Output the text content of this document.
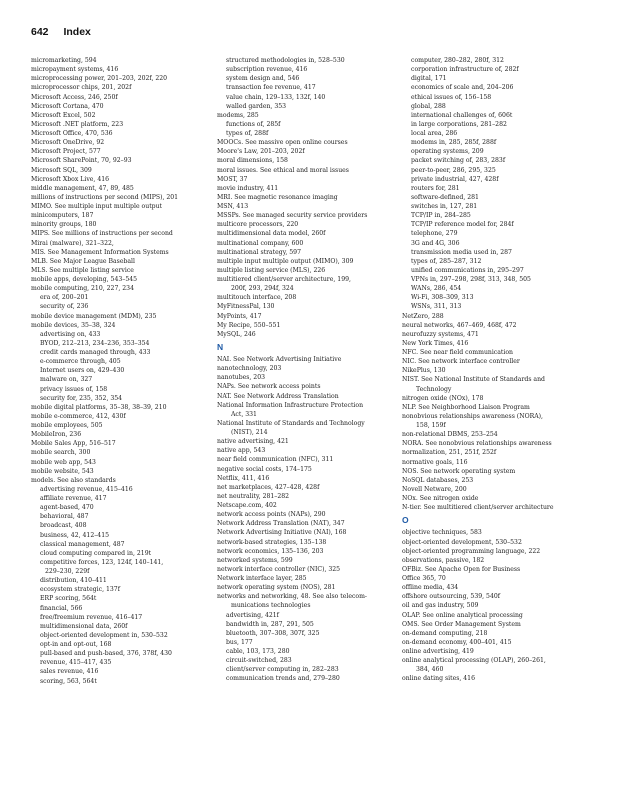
642 Index
micromarketing, 594
micropayment systems, 416
microprocessing power, 201–203, 202f, 220
microprocessor chips, 201, 202f
Microsoft Access, 246, 250f
Microsoft Cortana, 470
Microsoft Excel, 502
Microsoft .NET platform, 223
Microsoft Office, 470, 536
Microsoft OneDrive, 92
Microsoft Project, 577
Microsoft SharePoint, 70, 92–93
Microsoft SQL, 309
Microsoft Xbox Live, 416
middle management, 47, 89, 485
millions of instructions per second (MIPS), 201
MIMO. See multiple input multiple output
minicomputers, 187
minority groups, 180
MIPS. See millions of instructions per second
Mirai (malware), 321–322,
MIS. See Management Information Systems
MLB. See Major League Baseball
MLS. See multiple listing service
mobile apps, developing, 543–545
mobile computing, 210, 227, 234
era of, 200–201
security of, 236
mobile device management (MDM), 235
mobile devices, 35–38, 324
advertising on, 433
BYOD, 212–213, 234–236, 353–354
credit cards managed through, 433
e-commerce through, 405
Internet users on, 429–430
malware on, 327
privacy issues of, 158
security for, 235, 352, 354
mobile digital platforms, 35–38, 38–39, 210
mobile e-commerce, 412, 430f
mobile employees, 505
MobileIron, 236
Mobile Sales App, 516–517
mobile search, 300
mobile web app, 543
mobile website, 543
models. See also standards
advertising revenue, 415–416
affiliate revenue, 417
agent-based, 470
behavioral, 487
broadcast, 408
business, 42, 412–415
classical management, 487
cloud computing compared in, 219t
competitive forces, 123, 124f, 140–141,
229–230, 229f
distribution, 410–411
ecosystem strategic, 137f
ERP scoring, 564t
financial, 566
free/freemium revenue, 416–417
multidimensional data, 260f
object-oriented development in, 530–532
opt-in and opt-out, 168
pull-based and push-based, 376, 378f, 430
revenue, 415–417, 435
sales revenue, 416
scoring, 563, 564t
structured methodologies in, 528–530
subscription revenue, 416
system design and, 546
transaction fee revenue, 417
value chain, 129–133, 132f, 140
walled garden, 353
modems, 285
functions of, 285f
types of, 288f
MOOCs. See massive open online courses
Moore's Law, 201–203, 202f
moral dimensions, 158
moral issues. See ethical and moral issues
MOST, 37
movie industry, 411
MRI. See magnetic resonance imaging
MSN, 413
MSSPs. See managed security service providers
multicore processors, 220
multidimensional data model, 260f
multinational company, 600
multinational strategy, 597
multiple input multiple output (MIMO), 309
multiple listing service (MLS), 226
multitiered client/server architecture, 199,
200f, 293, 294f, 324
multitouch interface, 208
MyFitnessPal, 130
MyPoints, 417
My Recipe, 550–551
MySQL, 246
N
NAI. See Network Advertising Initiative
nanotechnology, 203
nanotubes, 203
NAPs. See network access points
NAT. See Network Address Translation
National Information Infrastructure Protection
Act, 331
National Institute of Standards and Technology
(NIST), 214
native advertising, 421
native app, 543
near field communication (NFC), 311
negative social costs, 174–175
Netflix, 411, 416
net marketplaces, 427–428, 428f
net neutrality, 281–282
Netscape.com, 402
network access points (NAPs), 290
Network Address Translation (NAT), 347
Network Advertising Initiative (NAI), 168
network-based strategies, 135–138
network economics, 135–136, 203
networked systems, 599
network interface controller (NIC), 325
Network interface layer, 285
network operating system (NOS), 281
networks and networking, 48. See also telecom-
munications technologies
advertising, 421f
bandwidth in, 287, 291, 505
bluetooth, 307–308, 307f, 325
bus, 177
cable, 103, 173, 280
circuit-switched, 283
client/server computing in, 282–283
communication trends and, 279–280
computer, 280–282, 280f, 312
corporation infrastructure of, 282f
digital, 171
economics of scale and, 204–206
ethical issues of, 156–158
global, 288
international challenges of, 606t
in large corporations, 281–282
local area, 286
modems in, 285, 285f, 288f
operating systems, 209
packet switching of, 283, 283f
peer-to-peer, 286, 295, 325
private industrial, 427, 428f
routers for, 281
software-defined, 281
switches in, 127, 281
TCP/IP in, 284–285
TCP/IP reference model for, 284f
telephone, 279
3G and 4G, 306
transmission media used in, 287
types of, 285–287, 312
unified communications in, 295–297
VPNs in, 297–298, 298f, 313, 348, 505
WANs, 286, 454
Wi-Fi, 308–309, 313
WSNs, 311, 313
NetZero, 288
neural networks, 467–469, 468f, 472
neurofuzzy systems, 471
New York Times, 416
NFC. See near field communication
NIC. See network interface controller
NikePlus, 130
NIST. See National Institute of Standards and
Technology
nitrogen oxide (NOx), 178
NLP. See Neighborhood Liaison Program
nonobvious relationships awareness (NORA),
158, 159f
non-relational DBMS, 253–254
NORA. See nonobvious relationships awareness
normalization, 251, 251f, 252f
normative goals, 116
NOS. See network operating system
NoSQL databases, 253
Novell Netware, 200
NOx. See nitrogen oxide
N-tier. See multitiered client/server architecture
O
objective techniques, 583
object-oriented development, 530–532
object-oriented programming language, 222
observations, passive, 182
OFBiz. See Apache Open for Business
Office 365, 70
offline media, 434
offshore outsourcing, 539, 540f
oil and gas industry, 509
OLAP. See online analytical processing
OMS. See Order Management System
on-demand computing, 218
on-demand economy, 400–401, 415
online advertising, 419
online analytical processing (OLAP), 260–261,
384, 460
online dating sites, 416
